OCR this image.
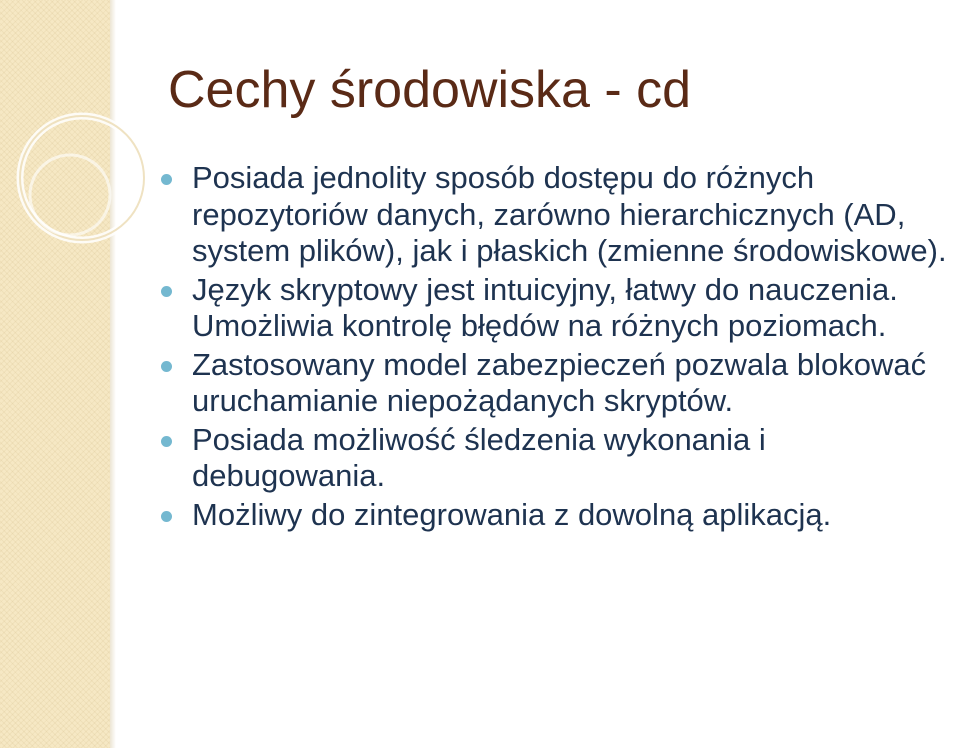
Cechy środowiska - cd
Posiada jednolity sposób dostępu do różnych repozytoriów danych, zarówno hierarchicznych (AD, system plików), jak i płaskich (zmienne środowiskowe).
Język skryptowy jest intuicyjny, łatwy do nauczenia. Umożliwia kontrolę błędów na różnych poziomach.
Zastosowany model zabezpieczeń pozwala blokować uruchamianie niepożądanych skryptów.
Posiada możliwość śledzenia wykonania i debugowania.
Możliwy do zintegrowania z dowolną aplikacją.
